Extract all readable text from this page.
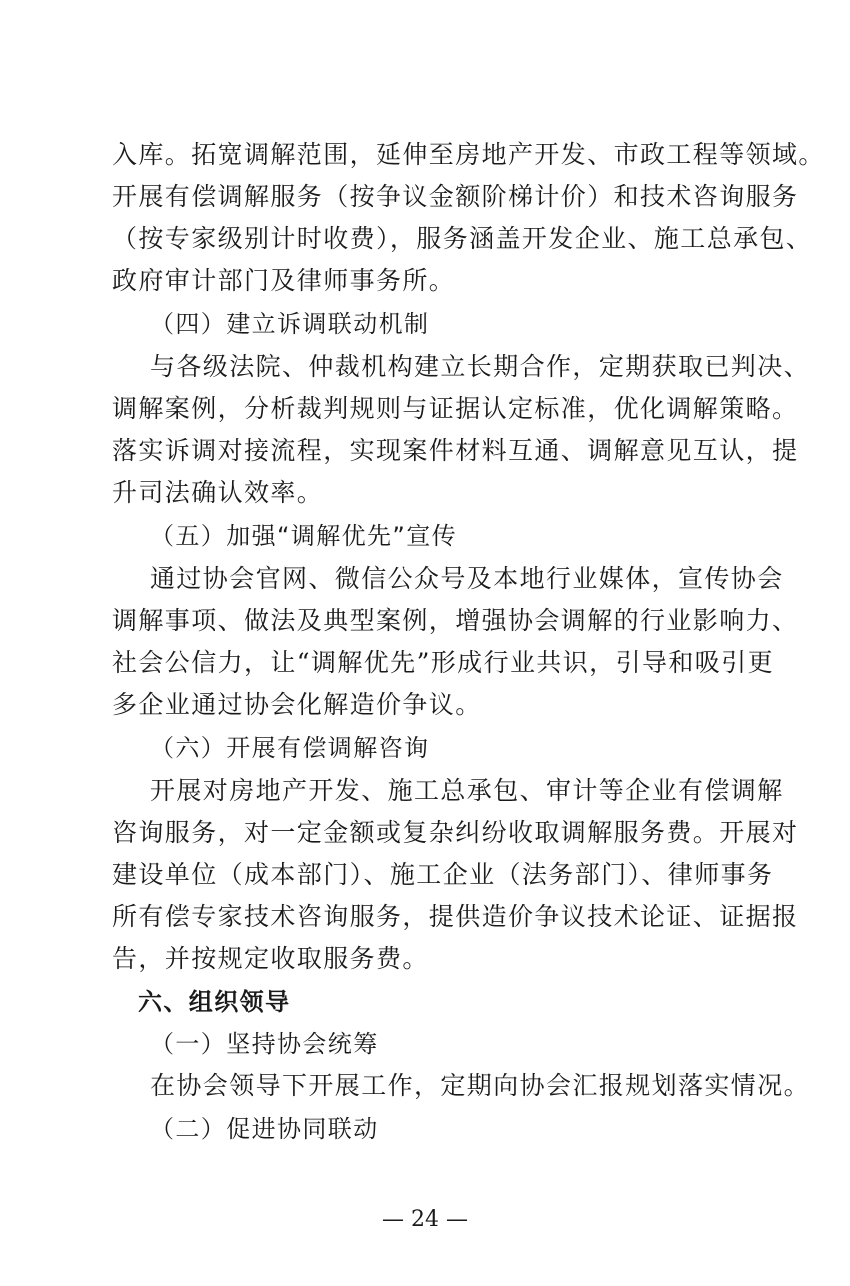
入库。拓宽调解范围，延伸至房地产开发、市政工程等领域。
开展有偿调解服务（按争议金额阶梯计价）和技术咨询服务
（按专家级别计时收费），服务涵盖开发企业、施工总承包、
政府审计部门及律师事务所。
（四）建立诉调联动机制
与各级法院、仲裁机构建立长期合作，定期获取已判决、
调解案例，分析裁判规则与证据认定标准，优化调解策略。
落实诉调对接流程，实现案件材料互通、调解意见互认，提
升司法确认效率。
（五）加强“调解优先”宣传
通过协会官网、微信公众号及本地行业媒体，宣传协会
调解事项、做法及典型案例，增强协会调解的行业影响力、
社会公信力，让“调解优先”形成行业共识，引导和吸引更
多企业通过协会化解造价争议。
（六）开展有偿调解咨询
开展对房地产开发、施工总承包、审计等企业有偿调解
咨询服务，对一定金额或复杂纠纷收取调解服务费。开展对
建设单位（成本部门）、施工企业（法务部门）、律师事务
所有偿专家技术咨询服务，提供造价争议技术论证、证据报
告，并按规定收取服务费。
六、组织领导
（一）坚持协会统筹
在协会领导下开展工作，定期向协会汇报规划落实情况。
（二）促进协同联动
— 24 —
